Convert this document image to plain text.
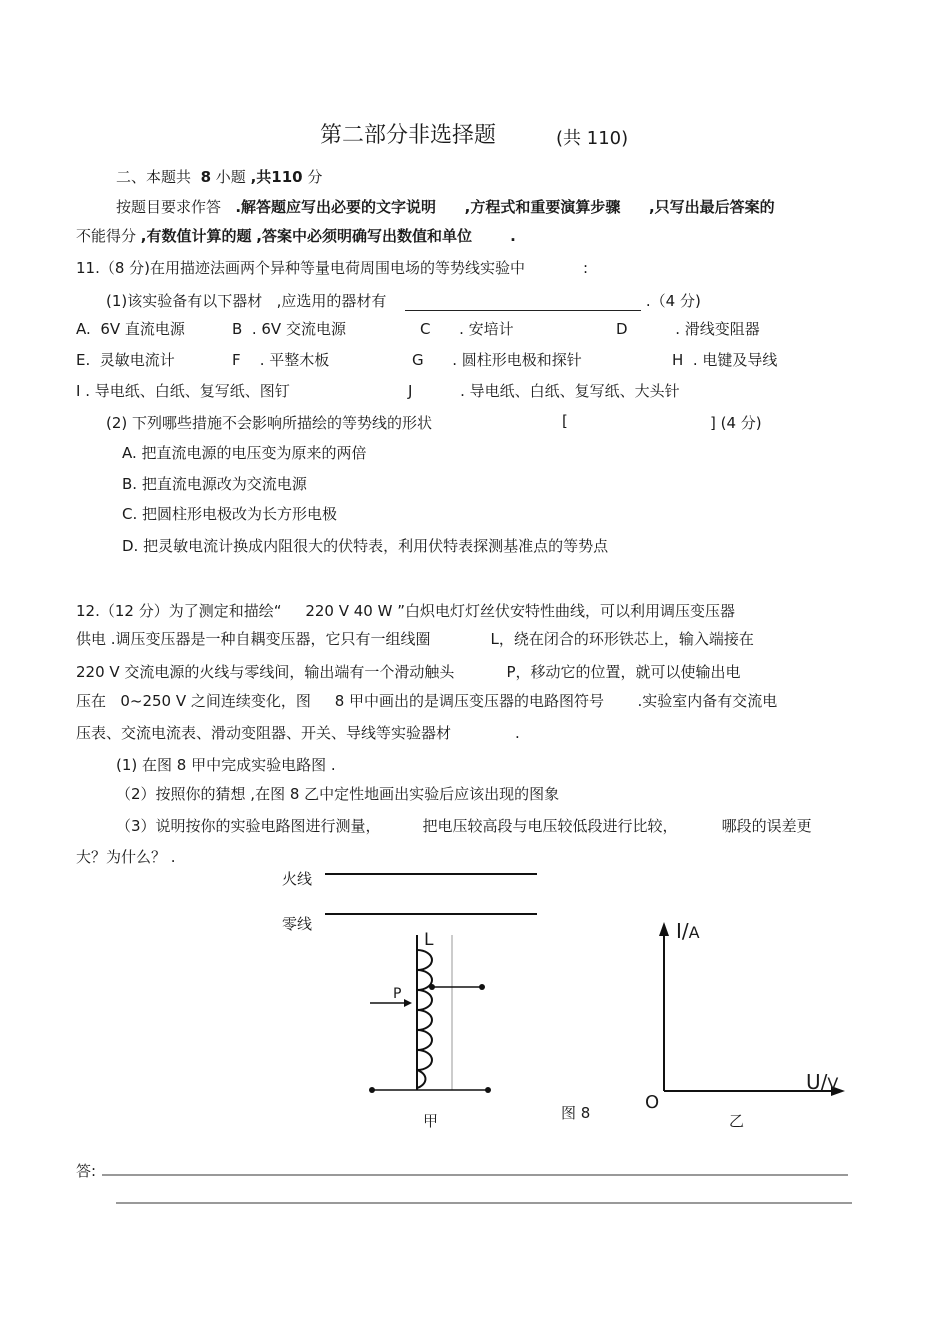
第二部分非选择题	(共 110)
二、本题共 8 小题 ,共110 分
按题目要求作答 .解答题应写出必要的文字说明 ,方程式和重要演算步骤 ,只写出最后答案的
不能得分 ,有数值计算的题 ,答案中必须明确写出数值和单位	.
11.（8 分)在用描迹法画两个异种等量电荷周围电场的等势线实验中	:
(1)该实验备有以下器材 ,应选用的器材有	.（4 分)
A. 6V 直流电源	B . 6V 交流电源	C . 安培计	D	. 滑线变阻器
E. 灵敏电流计	F . 平整木板	G . 圆柱形电极和探针	H . 电键及导线
I . 导电纸、白纸、复写纸、图钉	J	. 导电纸、白纸、复写纸、大头针
(2) 下列哪些措施不会影响所描绘的等势线的形状	[	] (4 分)
A. 把直流电源的电压变为原来的两倍
B. 把直流电源改为交流电源
C. 把圆柱形电极改为长方形电极
D. 把灵敏电流计换成内阻很大的伏特表，利用伏特表探测基准点的等势点
12.（12 分）为了测定和描绘“ 220 V 40 W ”白炽电灯灯丝伏安特性曲线，可以利用调压变压器
供电 .调压变压器是一种自耦变压器，它只有一组线圈	L，绕在闭合的环形铁芯上，输入端接在
220 V 交流电源的火线与零线间，输出端有一个滑动触头	P，移动它的位置，就可以使输出电
压在 0~250 V 之间连续变化，图 8 甲中画出的是调压变压器的电路图符号 .实验室内备有交流电
压表、交流电流表、滑动变阻器、开关、导线等实验器材	.
(1) 在图 8 甲中完成实验电路图 .
（2）按照你的猜想 ,在图 8 乙中定性地画出实验后应该出现的图象
（3）说明按你的实验电路图进行测量，	把电压较高段与电压较低段进行比较，	哪段的误差更
大？为什么？ .
火线
零线
L
P
甲	图 8	乙
I/A
U/V
O
答:
